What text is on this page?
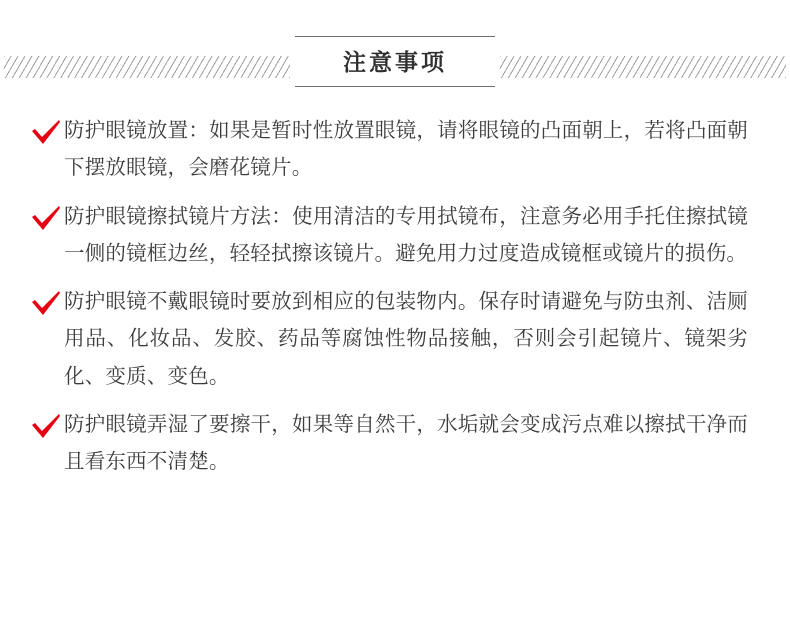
注意事项
防护眼镜放置：如果是暂时性放置眼镜，请将眼镜的凸面朝上，若将凸面朝下摆放眼镜，会磨花镜片。
防护眼镜擦拭镜片方法：使用清洁的专用拭镜布，注意务必用手托住擦拭镜一侧的镜框边丝，轻轻拭擦该镜片。避免用力过度造成镜框或镜片的损伤。
防护眼镜不戴眼镜时要放到相应的包装物内。保存时请避免与防虫剂、洁厕用品、化妆品、发胶、药品等腐蚀性物品接触，否则会引起镜片、镜架劣化、变质、变色。
防护眼镜弄湿了要擦干，如果等自然干，水垢就会变成污点难以擦拭干净而且看东西不清楚。
